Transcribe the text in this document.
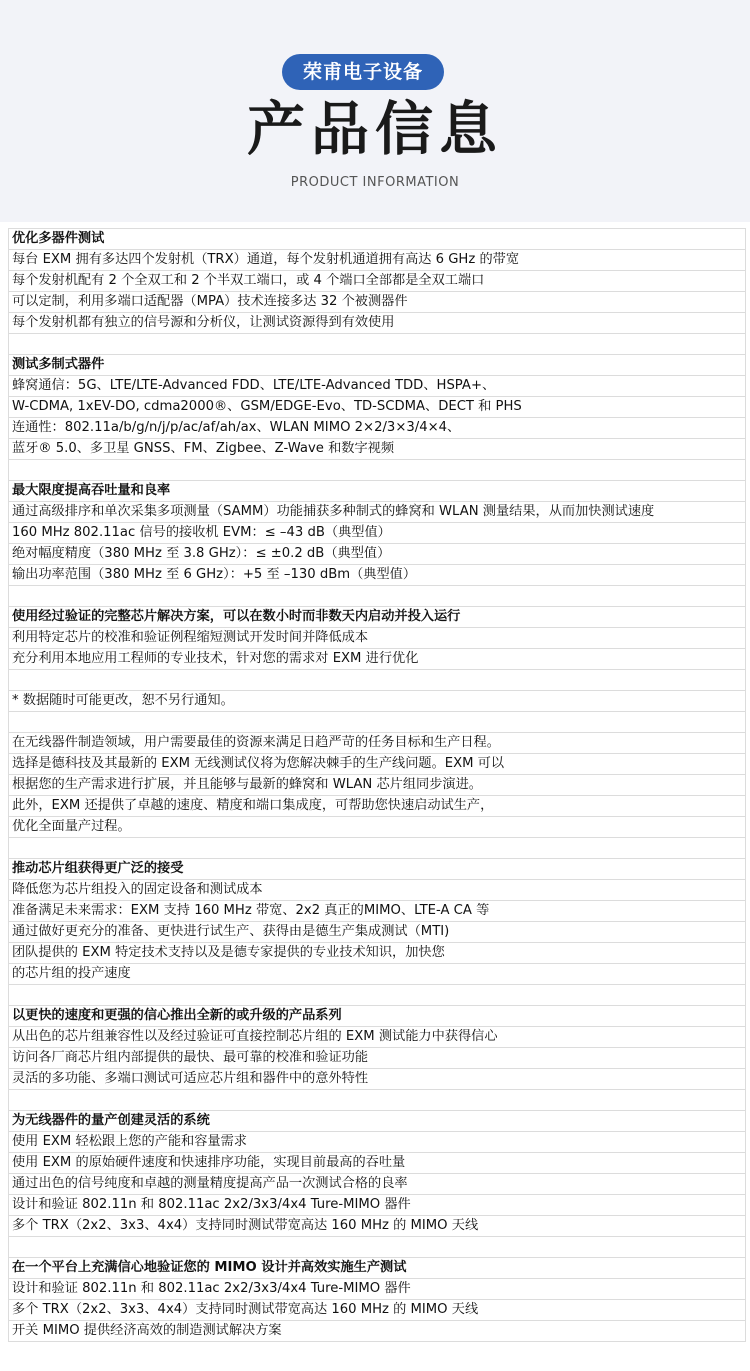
荣甫电子设备
产品信息
PRODUCT INFORMATION
优化多器件测试
每台 EXM 拥有多达四个发射机（TRX）通道，每个发射机通道拥有高达 6 GHz 的带宽
每个发射机配有 2 个全双工和 2 个半双工端口，或 4 个端口全部都是全双工端口
可以定制，利用多端口适配器（MPA）技术连接多达 32 个被测器件
每个发射机都有独立的信号源和分析仪，让测试资源得到有效使用

测试多制式器件
蜂窝通信：5G、LTE/LTE-Advanced FDD、LTE/LTE-Advanced TDD、HSPA+、
W-CDMA, 1xEV-DO, cdma2000®、GSM/EDGE-Evo、TD-SCDMA、DECT 和 PHS
连通性：802.11a/b/g/n/j/p/ac/af/ah/ax、WLAN MIMO 2×2/3×3/4×4、
蓝牙® 5.0、多卫星 GNSS、FM、Zigbee、Z-Wave 和数字视频

最大限度提高吞吐量和良率
通过高级排序和单次采集多项测量（SAMM）功能捕获多种制式的蜂窝和 WLAN 测量结果，从而加快测试速度
160 MHz 802.11ac 信号的接收机 EVM：≤ –43 dB（典型值）
绝对幅度精度（380 MHz 至 3.8 GHz）：≤ ±0.2 dB（典型值）
输出功率范围（380 MHz 至 6 GHz）：+5 至 –130 dBm（典型值）

使用经过验证的完整芯片解决方案，可以在数小时而非数天内启动并投入运行
利用特定芯片的校准和验证例程缩短测试开发时间并降低成本
充分利用本地应用工程师的专业技术，针对您的需求对 EXM 进行优化

* 数据随时可能更改，恕不另行通知。

在无线器件制造领域，用户需要最佳的资源来满足日趋严苛的任务目标和生产日程。
选择是德科技及其最新的 EXM 无线测试仪将为您解决棘手的生产线问题。EXM 可以
根据您的生产需求进行扩展，并且能够与最新的蜂窝和 WLAN 芯片组同步演进。
此外，EXM 还提供了卓越的速度、精度和端口集成度，可帮助您快速启动试生产，
优化全面量产过程。

推动芯片组获得更广泛的接受
降低您为芯片组投入的固定设备和测试成本
准备满足未来需求：EXM 支持 160 MHz 带宽、2x2 真正的MIMO、LTE-A CA 等
通过做好更充分的准备、更快进行试生产、获得由是德生产集成测试（MTI)
团队提供的 EXM 特定技术支持以及是德专家提供的专业技术知识，加快您
的芯片组的投产速度

以更快的速度和更强的信心推出全新的或升级的产品系列
从出色的芯片组兼容性以及经过验证可直接控制芯片组的 EXM 测试能力中获得信心
访问各厂商芯片组内部提供的最快、最可靠的校准和验证功能
灵活的多功能、多端口测试可适应芯片组和器件中的意外特性

为无线器件的量产创建灵活的系统
使用 EXM 轻松跟上您的产能和容量需求
使用 EXM 的原始硬件速度和快速排序功能，实现目前最高的吞吐量
通过出色的信号纯度和卓越的测量精度提高产品一次测试合格的良率
设计和验证 802.11n 和 802.11ac 2x2/3x3/4x4 Ture-MIMO 器件
多个 TRX（2x2、3x3、4x4）支持同时测试带宽高达 160 MHz 的 MIMO 天线

在一个平台上充满信心地验证您的 MIMO 设计并高效实施生产测试
设计和验证 802.11n 和 802.11ac 2x2/3x3/4x4 Ture-MIMO 器件
多个 TRX（2x2、3x3、4x4）支持同时测试带宽高达 160 MHz 的 MIMO 天线
开关 MIMO 提供经济高效的制造测试解决方案
